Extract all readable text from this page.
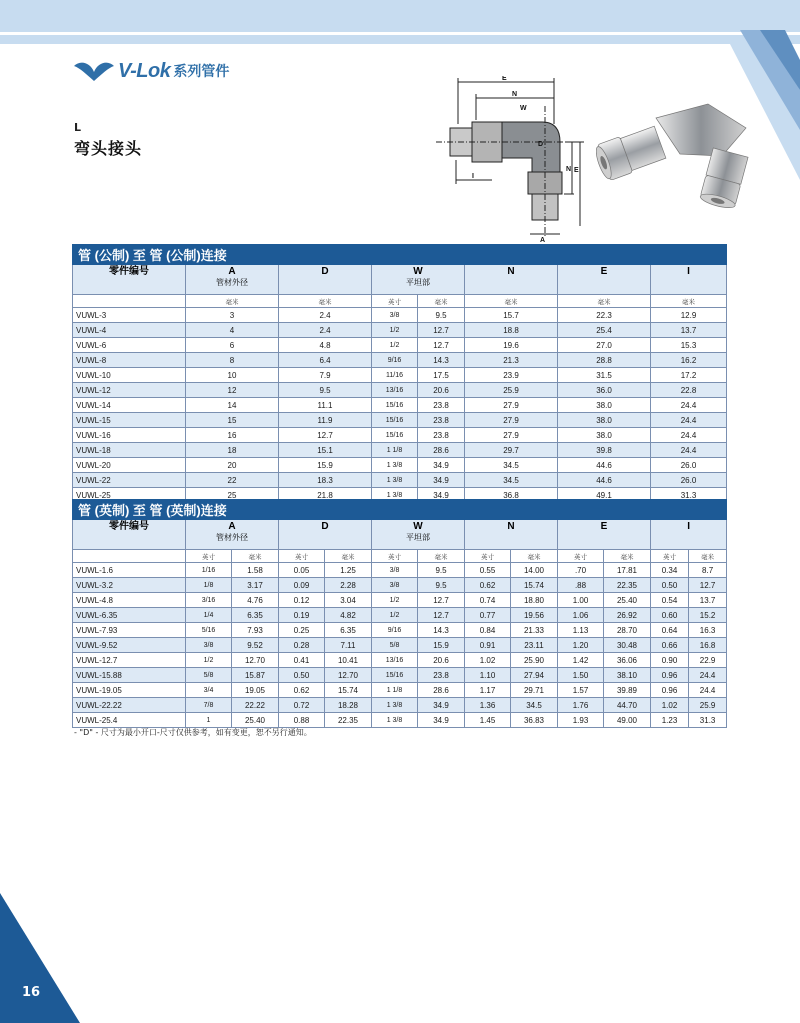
V-Lok 系列管件
L
弯头接头
E
N
W
D
I
E
N
A
管 (公制) 至 管 (公制)连接							
零件编号	A
管材外径	D	W
平坦部		N	E	I
	毫米	毫米	英寸	毫米	毫米	毫米	毫米
VUWL-3	3	2.4	3/8	9.5	15.7	22.3	12.9
VUWL-4	4	2.4	1/2	12.7	18.8	25.4	13.7
VUWL-6	6	4.8	1/2	12.7	19.6	27.0	15.3
VUWL-8	8	6.4	9/16	14.3	21.3	28.8	16.2
VUWL-10	10	7.9	11/16	17.5	23.9	31.5	17.2
VUWL-12	12	9.5	13/16	20.6	25.9	36.0	22.8
VUWL-14	14	11.1	15/16	23.8	27.9	38.0	24.4
VUWL-15	15	11.9	15/16	23.8	27.9	38.0	24.4
VUWL-16	16	12.7	15/16	23.8	27.9	38.0	24.4
VUWL-18	18	15.1	1 1/8	28.6	29.7	39.8	24.4
VUWL-20	20	15.9	1 3/8	34.9	34.5	44.6	26.0
VUWL-22	22	18.3	1 3/8	34.9	34.5	44.6	26.0
VUWL-25	25	21.8	1 3/8	34.9	36.8	49.1	31.3
管 (英制) 至 管 (英制)连接												
零件编号	A
管材外径		D		W
平坦部		N		E		I	
	英寸	毫米	英寸	毫米	英寸	毫米	英寸	毫米	英寸	毫米	英寸	毫米
VUWL-1.6	1/16	1.58	0.05	1.25	3/8	9.5	0.55	14.00	.70	17.81	0.34	8.7
VUWL-3.2	1/8	3.17	0.09	2.28	3/8	9.5	0.62	15.74	.88	22.35	0.50	12.7
VUWL-4.8	3/16	4.76	0.12	3.04	1/2	12.7	0.74	18.80	1.00	25.40	0.54	13.7
VUWL-6.35	1/4	6.35	0.19	4.82	1/2	12.7	0.77	19.56	1.06	26.92	0.60	15.2
VUWL-7.93	5/16	7.93	0.25	6.35	9/16	14.3	0.84	21.33	1.13	28.70	0.64	16.3
VUWL-9.52	3/8	9.52	0.28	7.11	5/8	15.9	0.91	23.11	1.20	30.48	0.66	16.8
VUWL-12.7	1/2	12.70	0.41	10.41	13/16	20.6	1.02	25.90	1.42	36.06	0.90	22.9
VUWL-15.88	5/8	15.87	0.50	12.70	15/16	23.8	1.10	27.94	1.50	38.10	0.96	24.4
VUWL-19.05	3/4	19.05	0.62	15.74	1 1/8	28.6	1.17	29.71	1.57	39.89	0.96	24.4
VUWL-22.22	7/8	22.22	0.72	18.28	1 3/8	34.9	1.36	34.5	1.76	44.70	1.02	25.9
VUWL-25.4	1	25.40	0.88	22.35	1 3/8	34.9	1.45	36.83	1.93	49.00	1.23	31.3
- "D" - 尺寸为最小开口-尺寸仅供参考，如有变更，恕不另行通知。
16
